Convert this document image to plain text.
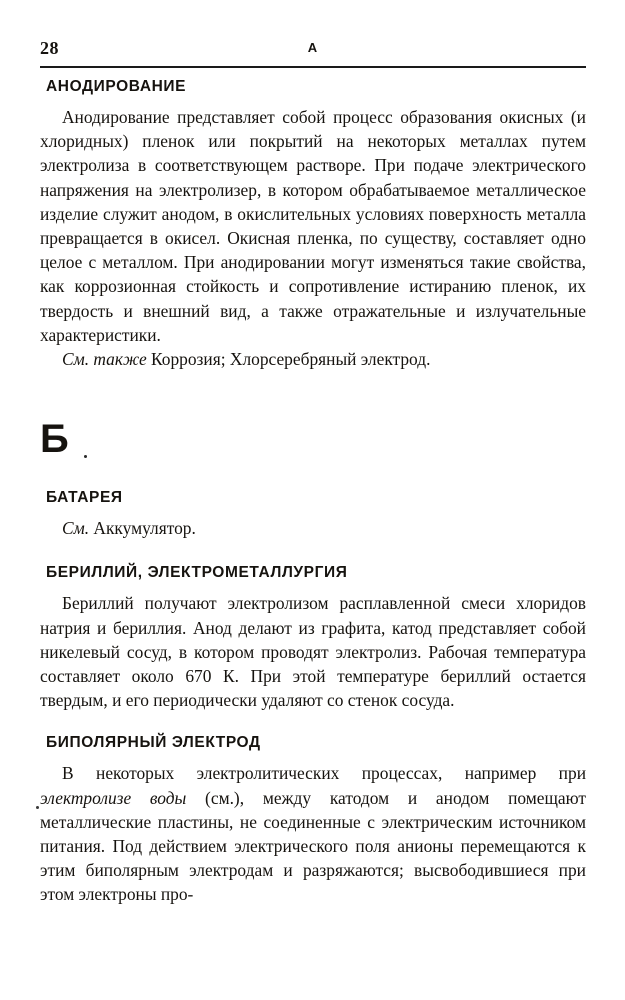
28	А
АНОДИРОВАНИЕ

Анодирование представляет собой процесс образования окисных (и хлоридных) пленок или покрытий на некоторых металлах путем электролиза в соответствующем растворе. При подаче электрического напряжения на электролизер, в котором обрабатываемое металлическое изделие служит анодом, в окислительных условиях поверхность металла превращается в окисел. Окисная пленка, по существу, составляет одно целое с металлом. При анодировании могут изменяться такие свойства, как коррозионная стойкость и сопротивление истиранию пленок, их твердость и внешний вид, а также отражательные и излучательные характеристики.

См. также Коррозия; Хлорсеребряный электрод.

Б
БАТАРЕЯ

См. Аккумулятор.

БЕРИЛЛИЙ, ЭЛЕКТРОМЕТАЛЛУРГИЯ

Бериллий получают электролизом расплавленной смеси хлоридов натрия и бериллия. Анод делают из графита, катод представляет собой никелевый сосуд, в котором проводят электролиз. Рабочая температура составляет около 670 К. При этой температуре бериллий остается твердым, и его периодически удаляют со стенок сосуда.

БИПОЛЯРНЫЙ ЭЛЕКТРОД

В некоторых электролитических процессах, например при электролизе воды (см.), между катодом и анодом помещают металлические пластины, не соединенные с электрическим источником питания. Под действием электрического поля анионы перемещаются к этим биполярным электродам и разряжаются; высвободившиеся при этом электроны про-
